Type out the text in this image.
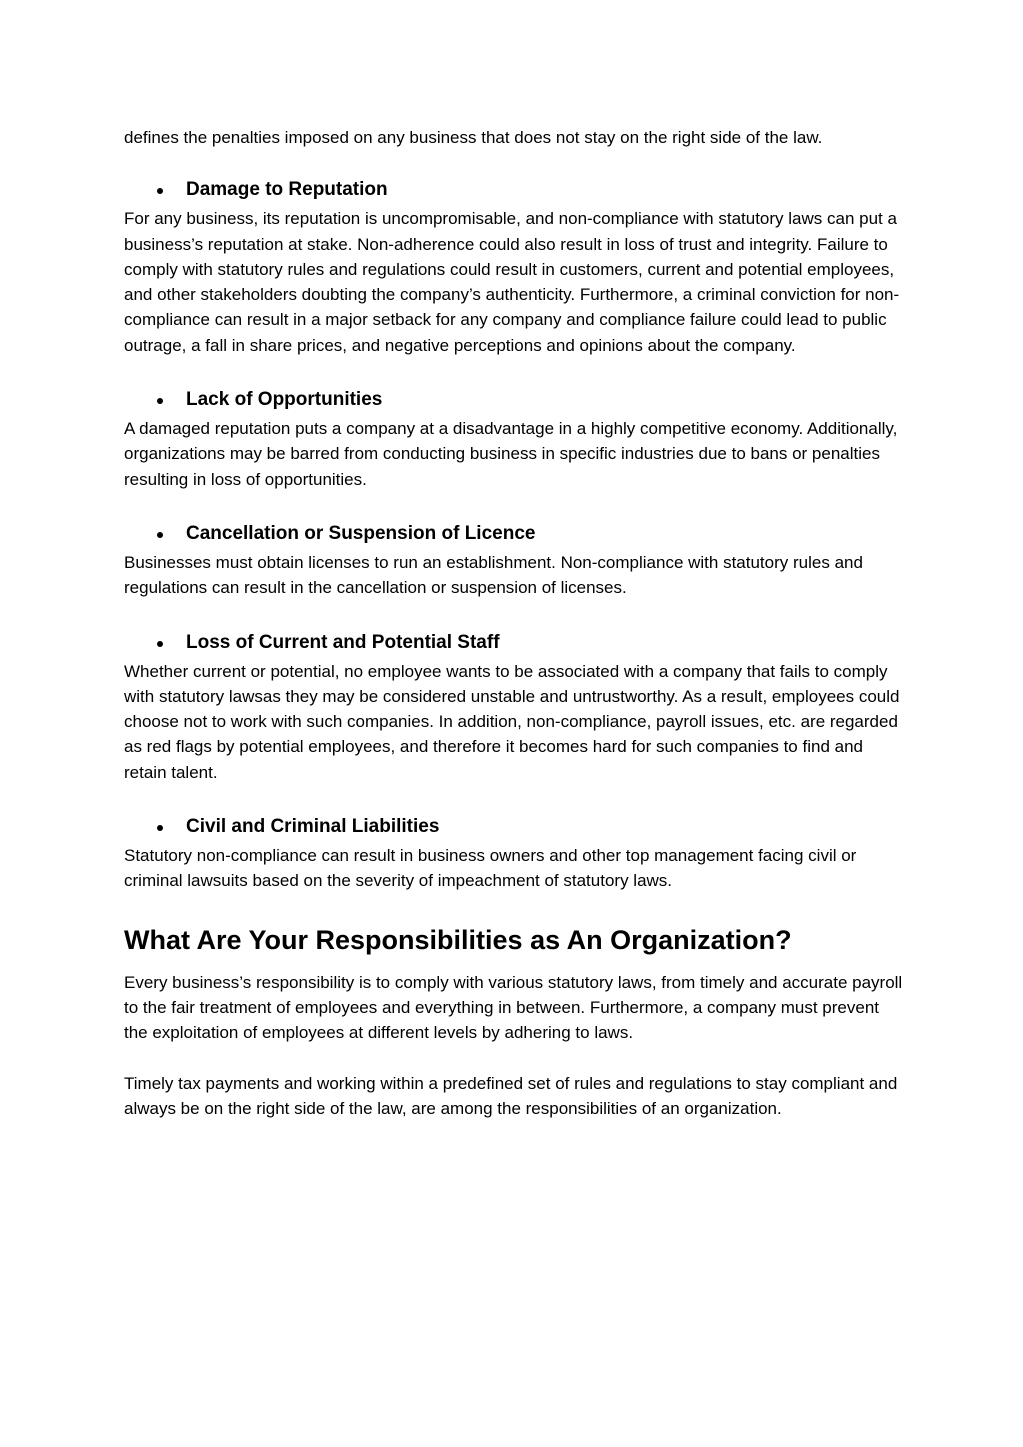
defines the penalties imposed on any business that does not stay on the right side of the law.

Damage to Reputation

For any business, its reputation is uncompromisable, and non-compliance with statutory laws can put a business’s reputation at stake. Non-adherence could also result in loss of trust and integrity. Failure to comply with statutory rules and regulations could result in customers, current and potential employees, and other stakeholders doubting the company’s authenticity. Furthermore, a criminal conviction for non-compliance can result in a major setback for any company and compliance failure could lead to public outrage, a fall in share prices, and negative perceptions and opinions about the company.

Lack of Opportunities

A damaged reputation puts a company at a disadvantage in a highly competitive economy. Additionally, organizations may be barred from conducting business in specific industries due to bans or penalties resulting in loss of opportunities.

Cancellation or Suspension of Licence

Businesses must obtain licenses to run an establishment. Non-compliance with statutory rules and regulations can result in the cancellation or suspension of licenses.

Loss of Current and Potential Staff

Whether current or potential, no employee wants to be associated with a company that fails to comply with statutory lawsas they may be considered unstable and untrustworthy. As a result, employees could choose not to work with such companies. In addition, non-compliance, payroll issues, etc. are regarded as red flags by potential employees, and therefore it becomes hard for such companies to find and retain talent.

Civil and Criminal Liabilities

Statutory non-compliance can result in business owners and other top management facing civil or criminal lawsuits based on the severity of impeachment of statutory laws.

What Are Your Responsibilities as An Organization?

Every business’s responsibility is to comply with various statutory laws, from timely and accurate payroll to the fair treatment of employees and everything in between. Furthermore, a company must prevent the exploitation of employees at different levels by adhering to laws.

Timely tax payments and working within a predefined set of rules and regulations to stay compliant and always be on the right side of the law, are among the responsibilities of an organization.
